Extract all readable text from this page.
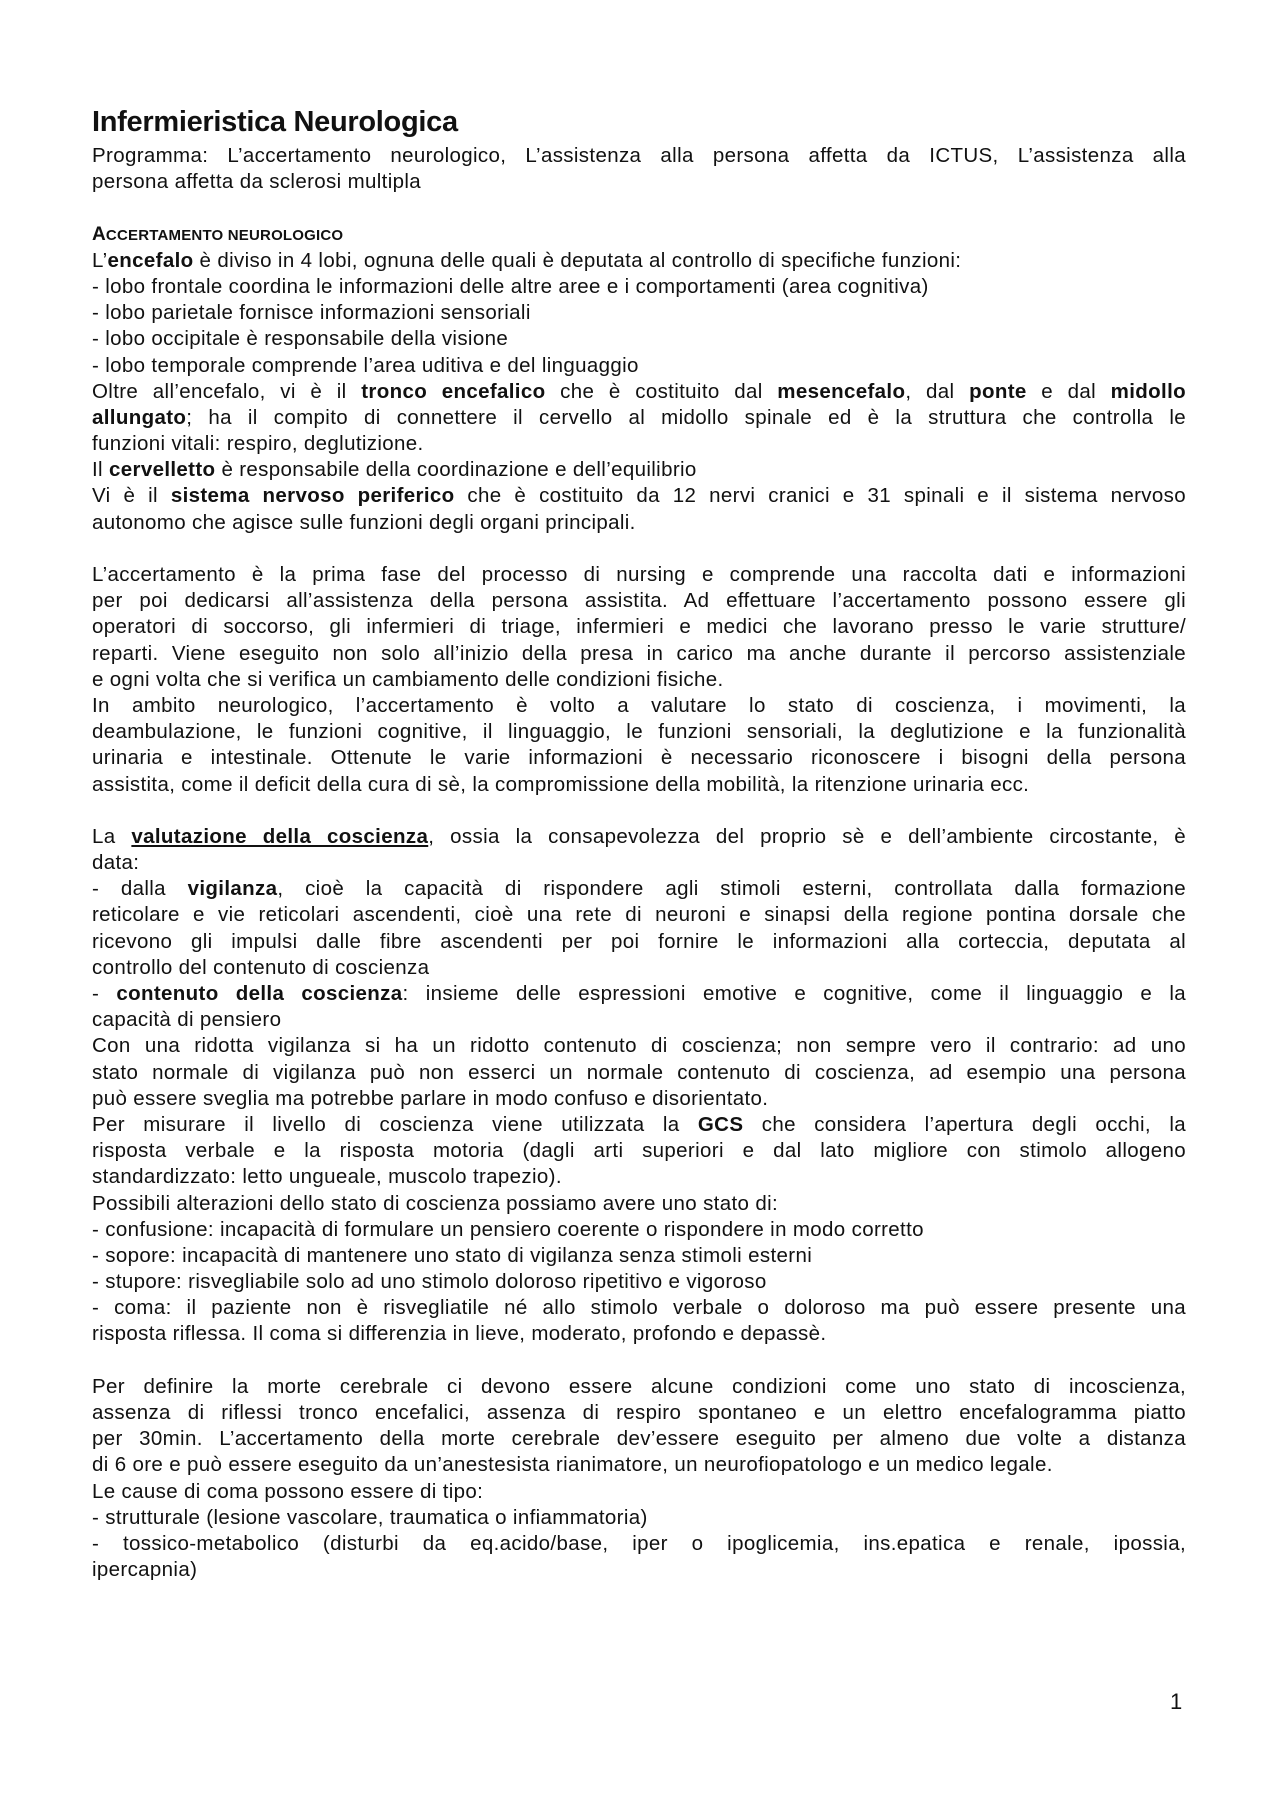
Infermieristica Neurologica
Programma: L’accertamento neurologico, L’assistenza alla persona affetta da ICTUS, L’assistenza alla
persona affetta da sclerosi multipla
ACCERTAMENTO NEUROLOGICO
L’encefalo è diviso in 4 lobi, ognuna delle quali è deputata al controllo di specifiche funzioni:
- lobo frontale coordina le informazioni delle altre aree e i comportamenti (area cognitiva)
- lobo parietale fornisce informazioni sensoriali
- lobo occipitale è responsabile della visione
- lobo temporale comprende l’area uditiva e del linguaggio
Oltre all’encefalo, vi è il tronco encefalico che è costituito dal mesencefalo, dal ponte e dal midollo
allungato; ha il compito di connettere il cervello al midollo spinale ed è la struttura che controlla le
funzioni vitali: respiro, deglutizione.
Il cervelletto è responsabile della coordinazione e dell’equilibrio
Vi è il sistema nervoso periferico che è costituito da 12 nervi cranici e 31 spinali e il sistema nervoso
autonomo che agisce sulle funzioni degli organi principali.
L’accertamento è la prima fase del processo di nursing e comprende una raccolta dati e informazioni
per poi dedicarsi all’assistenza della persona assistita. Ad effettuare l’accertamento possono essere gli
operatori di soccorso, gli infermieri di triage, infermieri e medici che lavorano presso le varie strutture/
reparti. Viene eseguito non solo all’inizio della presa in carico ma anche durante il percorso assistenziale
e ogni volta che si verifica un cambiamento delle condizioni fisiche.
In ambito neurologico, l’accertamento è volto a valutare lo stato di coscienza, i movimenti, la
deambulazione, le funzioni cognitive, il linguaggio, le funzioni sensoriali, la deglutizione e la funzionalità
urinaria e intestinale. Ottenute le varie informazioni è necessario riconoscere i bisogni della persona
assistita, come il deficit della cura di sè, la compromissione della mobilità, la ritenzione urinaria ecc.
La valutazione della coscienza, ossia la consapevolezza del proprio sè e dell’ambiente circostante, è
data:
- dalla vigilanza, cioè la capacità di rispondere agli stimoli esterni, controllata dalla formazione
reticolare e vie reticolari ascendenti, cioè una rete di neuroni e sinapsi della regione pontina dorsale che
ricevono gli impulsi dalle fibre ascendenti per poi fornire le informazioni alla corteccia, deputata al
controllo del contenuto di coscienza
- contenuto della coscienza: insieme delle espressioni emotive e cognitive, come il linguaggio e la
capacità di pensiero
Con una ridotta vigilanza si ha un ridotto contenuto di coscienza; non sempre vero il contrario: ad uno
stato normale di vigilanza può non esserci un normale contenuto di coscienza, ad esempio una persona
può essere sveglia ma potrebbe parlare in modo confuso e disorientato.
Per misurare il livello di coscienza viene utilizzata la GCS che considera l’apertura degli occhi, la
risposta verbale e la risposta motoria (dagli arti superiori e dal lato migliore con stimolo allogeno
standardizzato: letto ungueale, muscolo trapezio).
Possibili alterazioni dello stato di coscienza possiamo avere uno stato di:
- confusione: incapacità di formulare un pensiero coerente o rispondere in modo corretto
- sopore: incapacità di mantenere uno stato di vigilanza senza stimoli esterni
- stupore: risvegliabile solo ad uno stimolo doloroso ripetitivo e vigoroso
- coma: il paziente non è risvegliatile né allo stimolo verbale o doloroso ma può essere presente una
risposta riflessa. Il coma si differenzia in lieve, moderato, profondo e depassè.
Per definire la morte cerebrale ci devono essere alcune condizioni come uno stato di incoscienza,
assenza di riflessi tronco encefalici, assenza di respiro spontaneo e un elettro encefalogramma piatto
per 30min. L’accertamento della morte cerebrale dev’essere eseguito per almeno due volte a distanza
di 6 ore e può essere eseguito da un’anestesista rianimatore, un neurofiopatologo e un medico legale.
Le cause di coma possono essere di tipo:
- strutturale (lesione vascolare, traumatica o infiammatoria)
- tossico-metabolico (disturbi da eq.acido/base, iper o ipoglicemia, ins.epatica e renale, ipossia,
ipercapnia)
1
